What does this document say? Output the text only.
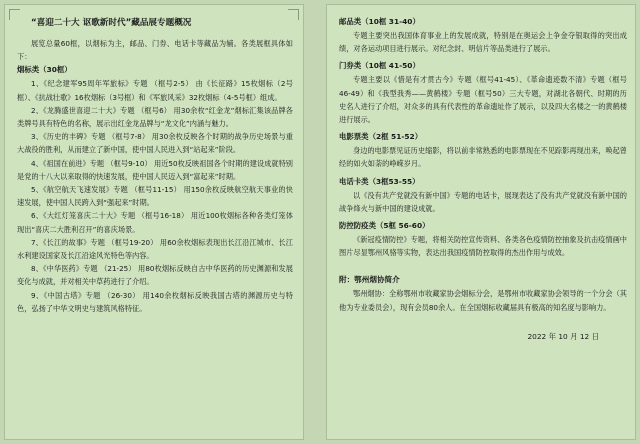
“喜迎二十大 讴歌新时代”藏品展专题概况

展览总量60框，以烟标为主，邮品、门券、电话卡等藏品为辅。各类展框具体如下：

烟标类（30框）

1、《纪念建军95周年军旅标》专题 （框号2-5） 由《长征路》15枚烟标（2号框）、《抗战壮歌》16枚烟标（3号框）和《军旅风采》32枚烟标（4-5号框）组成。

2、《龙腾盛世喜迎二十大》专题 （框号6） 用30余枚“红金龙”烟标汇集该品牌各类牌号具有特色的名称，展示出红金龙品牌与“龙文化”内涵与魅力。

3、《历史的丰碑》专题 （框号7-8） 用30余枚反映各个时期的战争历史场景与重大战役的胜利，从而建立了新中国，使中国人民进入到“站起来”阶段。

4、《祖国在前进》专题 （框号9-10） 用近50枚反映祖国各个时期的建设成就特别是党的十八大以来取得的快速发展，使中国人民迈入到“富起来”时期。

5、《航空航天飞速发展》专题 （框号11-15） 用150余枚反映航空航天事业的快速发展，使中国人民跨入到“强起来”时期。

6、《大红灯笼喜庆二十大》专题 （框号16-18） 用近100枚烟标各种各类灯笼体现出“喜庆二大胜利召开”的喜庆场景。

7、《长江的故事》专题 （框号19-20） 用60余枚烟标表现出长江沿江城市、长江水利建设国家及长江沿途风光特色等内容。

8、《中华医药》专题 （21-25） 用80枚烟标反映自古中华医药的历史渊源和发展变化与成就，并对相关中草药进行了介绍。

9、《中国古塔》专题 （26-30） 用140余枚烟标反映我国古塔的渊源历史与特色，弘扬了中华文明史与建筑风格特征。

邮品类（10框 31-40）

专题主要突出我国体育事业上的发展成就，特别是在奥运会上争金夺银取得的突出成绩，对各运动项目进行展示。对纪念封、明信片等品类进行了展示。

门券类（10框 41-50）

专题主要以《惜是有才贯古今》专题（框号41-45）、《革命遗迹数不清》专题（框号46-49）和《我型我秀——黄鹤楼》专题（框号50）三大专题，对湖北各朝代、时期的历史名人进行了介绍，对众多的具有代表性的革命遗址作了展示，以及四大名楼之一的黄鹤楼进行展示。

电影票类（2框 51-52）

身边的电影票见证历史缩影，将以前非常熟悉的电影票现在不见踪影再现出来，唤起曾经的如火如荼的峥嵘岁月。

电话卡类（3框53-55）

以《没有共产党就没有新中国》专题的电话卡，展现表达了没有共产党就没有新中国的战争烽火与新中国的建设成就。

防控防疫类（5框 56-60）

《新冠疫情防控》专题，将相关防控宣传资料、各类各色疫情防控抽象及抗击疫情画中图片尽显鄂州风骆等实物，表达出我国疫情防控取得的杰出作用与成效。

附：鄂州烟协简介

鄂州烟协：全称鄂州市收藏家协会烟标分会，是鄂州市收藏家协会领导的一个分会（其他为专业委员会），现有会员80余人。在全国烟标收藏届具有极高的知名度与影响力。

2022 年 10 月 12 日
